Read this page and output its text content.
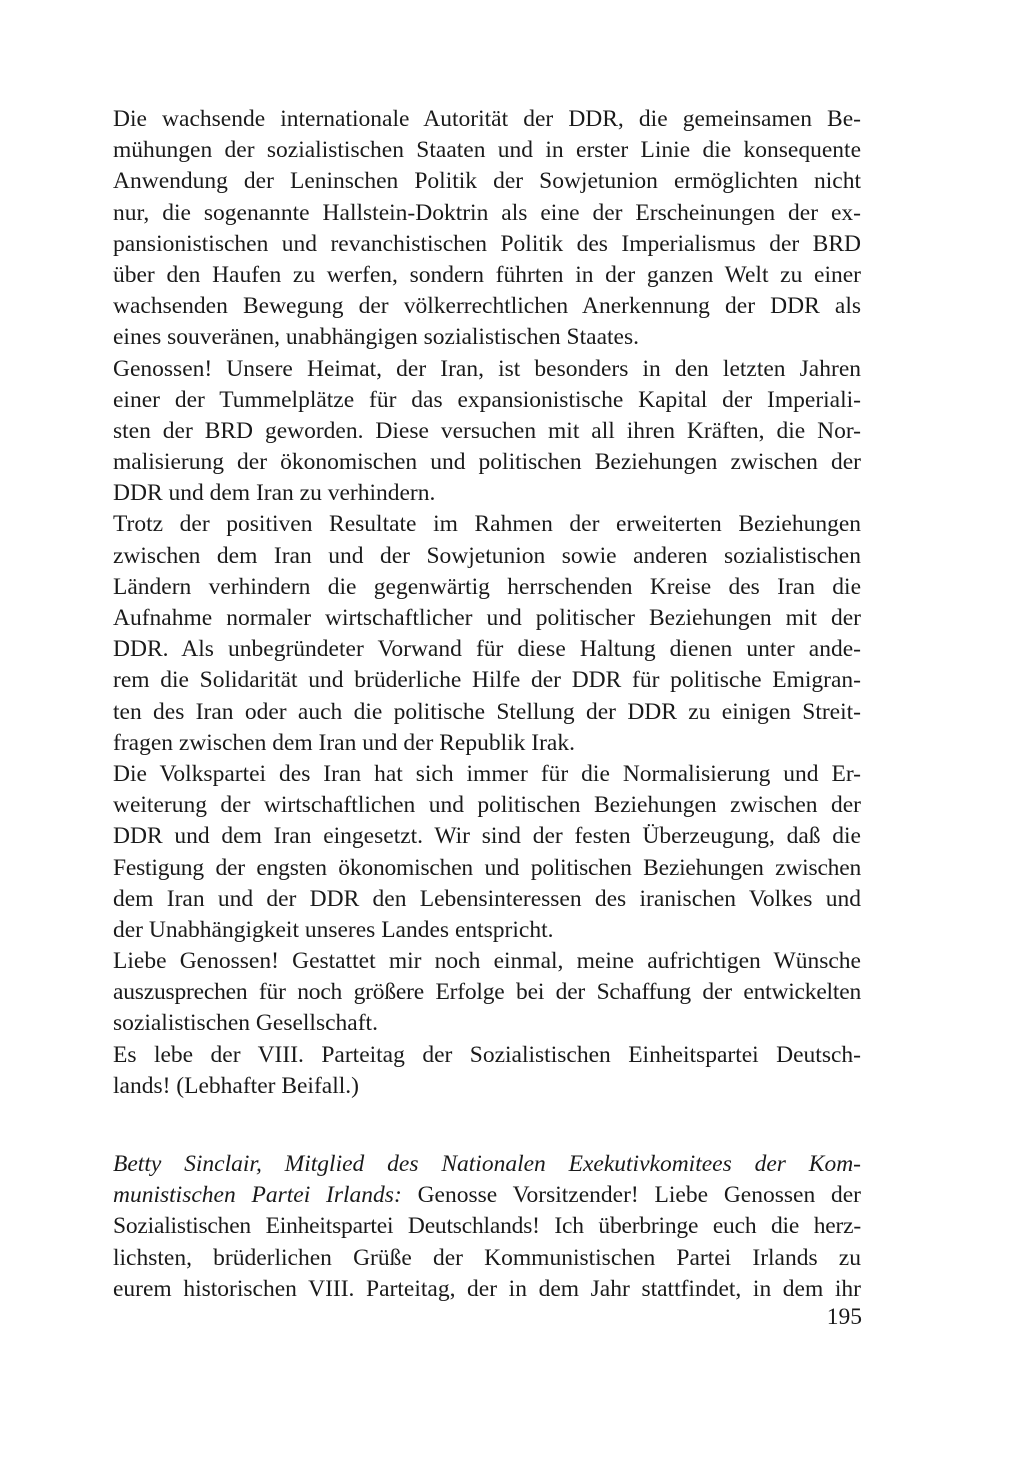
Die wachsende internationale Autorität der DDR, die gemeinsamen Be-
mühungen der sozialistischen Staaten und in erster Linie die konsequente
Anwendung der Leninschen Politik der Sowjetunion ermöglichten nicht
nur, die sogenannte Hallstein-Doktrin als eine der Erscheinungen der ex-
pansionistischen und revanchistischen Politik des Imperialismus der BRD
über den Haufen zu werfen, sondern führten in der ganzen Welt zu einer
wachsenden Bewegung der völkerrechtlichen Anerkennung der DDR als
eines souveränen, unabhängigen sozialistischen Staates.
Genossen! Unsere Heimat, der Iran, ist besonders in den letzten Jahren
einer der Tummelplätze für das expansionistische Kapital der Imperiali-
sten der BRD geworden. Diese versuchen mit all ihren Kräften, die Nor-
malisierung der ökonomischen und politischen Beziehungen zwischen der
DDR und dem Iran zu verhindern.
Trotz der positiven Resultate im Rahmen der erweiterten Beziehungen
zwischen dem Iran und der Sowjetunion sowie anderen sozialistischen
Ländern verhindern die gegenwärtig herrschenden Kreise des Iran die
Aufnahme normaler wirtschaftlicher und politischer Beziehungen mit der
DDR. Als unbegründeter Vorwand für diese Haltung dienen unter ande-
rem die Solidarität und brüderliche Hilfe der DDR für politische Emigran-
ten des Iran oder auch die politische Stellung der DDR zu einigen Streit-
fragen zwischen dem Iran und der Republik Irak.
Die Volkspartei des Iran hat sich immer für die Normalisierung und Er-
weiterung der wirtschaftlichen und politischen Beziehungen zwischen der
DDR und dem Iran eingesetzt. Wir sind der festen Überzeugung, daß die
Festigung der engsten ökonomischen und politischen Beziehungen zwischen
dem Iran und der DDR den Lebensinteressen des iranischen Volkes und
der Unabhängigkeit unseres Landes entspricht.
Liebe Genossen! Gestattet mir noch einmal, meine aufrichtigen Wünsche
auszusprechen für noch größere Erfolge bei der Schaffung der entwickelten
sozialistischen Gesellschaft.
Es lebe der VIII. Parteitag der Sozialistischen Einheitspartei Deutsch-
lands! (Lebhafter Beifall.)
Betty Sinclair, Mitglied des Nationalen Exekutivkomitees der Kom-
munistischen Partei Irlands: Genosse Vorsitzender! Liebe Genossen der
Sozialistischen Einheitspartei Deutschlands! Ich überbringe euch die herz-
lichsten, brüderlichen Grüße der Kommunistischen Partei Irlands zu
eurem historischen VIII. Parteitag, der in dem Jahr stattfindet, in dem ihr
195
